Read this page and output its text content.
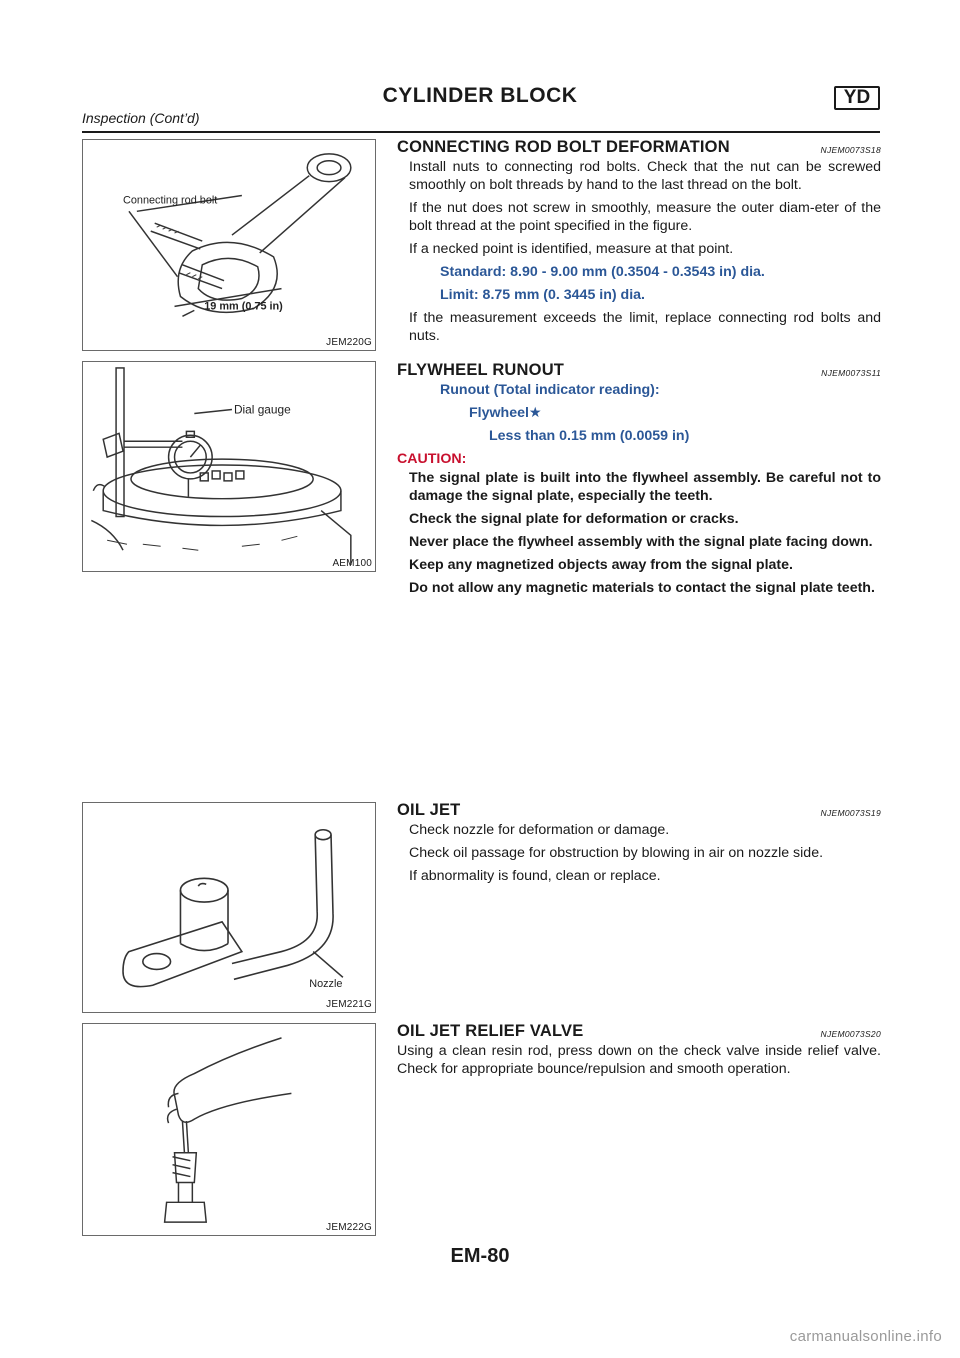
CYLINDER BLOCK	YD
Inspection (Cont’d)
Connecting rod bolt
19 mm (0.75 in)
JEM220G
Dial gauge
AEM100
Nozzle
JEM221G
JEM222G
CONNECTING ROD BOLT DEFORMATION	NJEM0073S18

Install nuts to connecting rod bolts. Check that the nut can be screwed smoothly on bolt threads by hand to the last thread on the bolt.

If the nut does not screw in smoothly, measure the outer diam-eter of the bolt thread at the point specified in the figure.

If a necked point is identified, measure at that point.

Standard: 8.90 - 9.00 mm (0.3504 - 0.3543 in) dia.

Limit: 8.75 mm (0. 3445 in) dia.

If the measurement exceeds the limit, replace connecting rod bolts and nuts.

FLYWHEEL RUNOUT	NJEM0073S11

Runout (Total indicator reading):

Flywheel★

Less than 0.15 mm (0.0059 in)

CAUTION:

The signal plate is built into the flywheel assembly. Be careful not to damage the signal plate, especially the teeth.

Check the signal plate for deformation or cracks.

Never place the flywheel assembly with the signal plate facing down.

Keep any magnetized objects away from the signal plate.

Do not allow any magnetic materials to contact the signal plate teeth.

OIL JET	NJEM0073S19

Check nozzle for deformation or damage.

Check oil passage for obstruction by blowing in air on nozzle side.

If abnormality is found, clean or replace.

OIL JET RELIEF VALVE	NJEM0073S20

Using a clean resin rod, press down on the check valve inside relief valve. Check for appropriate bounce/repulsion and smooth operation.

EM-80
carmanualsonline.info
